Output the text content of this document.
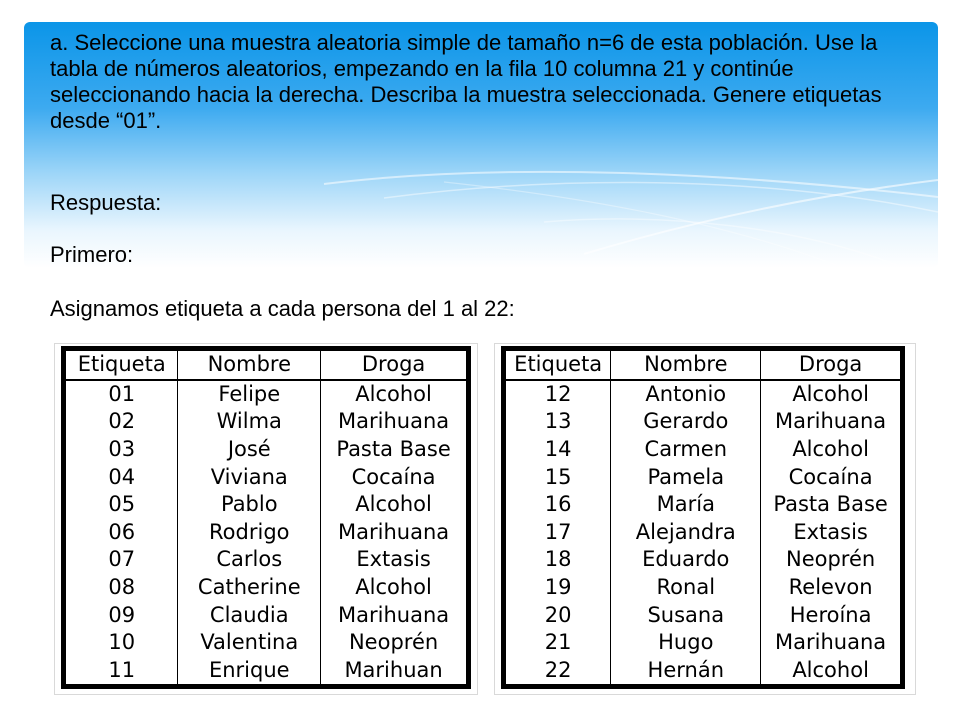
a. Seleccione una muestra aleatoria simple de tamaño n=6 de esta población. Use la tabla de números aleatorios, empezando en la fila 10 columna 21 y continúe seleccionando hacia la derecha. Describa la muestra seleccionada. Genere etiquetas desde “01”.

Respuesta:

Primero:

Asignamos etiqueta a cada persona del 1 al 22:

Etiqueta	Nombre	Droga
01	Felipe	Alcohol
02	Wilma	Marihuana
03	José	Pasta Base
04	Viviana	Cocaína
05	Pablo	Alcohol
06	Rodrigo	Marihuana
07	Carlos	Extasis
08	Catherine	Alcohol
09	Claudia	Marihuana
10	Valentina	Neoprén
11	Enrique	Marihuan
Etiqueta	Nombre	Droga
12	Antonio	Alcohol
13	Gerardo	Marihuana
14	Carmen	Alcohol
15	Pamela	Cocaína
16	María	Pasta Base
17	Alejandra	Extasis
18	Eduardo	Neoprén
19	Ronal	Relevon
20	Susana	Heroína
21	Hugo	Marihuana
22	Hernán	Alcohol
